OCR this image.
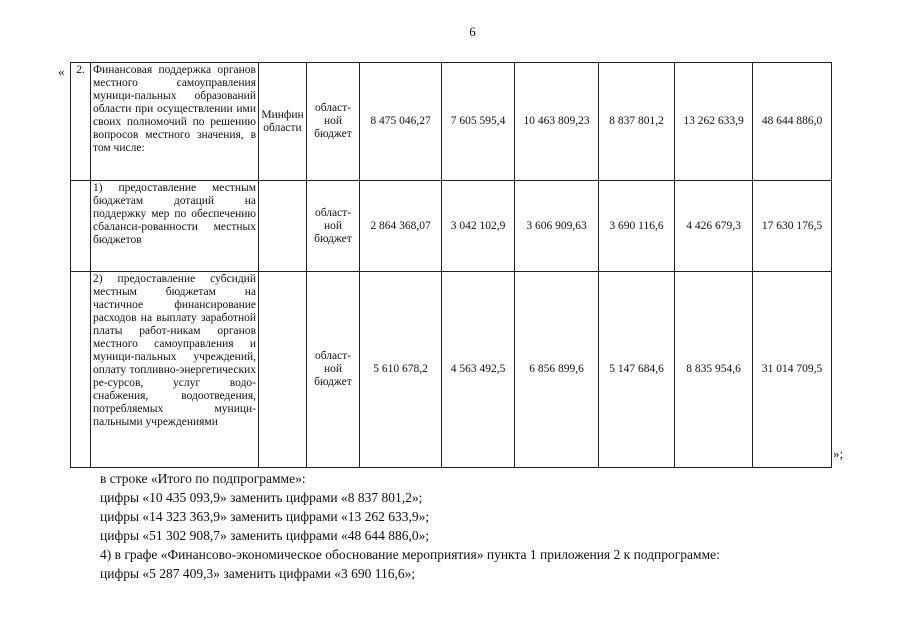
6
« 2.	Финансовая поддержка органов местного самоуправления муници-пальных образований области при осуществлении ими своих полномочий по решению вопросов местного значения, в том числе:	Минфин области	област-ной бюджет	8 475 046,27	7 605 595,4	10 463 809,23	8 837 801,2	13 262 633,9	48 644 886,0
	1) предоставление местным бюджетам дотаций на поддержку мер по обеспечению сбаланси-рованности местных бюджетов		област-ной бюджет	2 864 368,07	3 042 102,9	3 606 909,63	3 690 116,6	4 426 679,3	17 630 176,5
	2) предоставление субсидий местным бюджетам на частичное финансирование расходов на выплату заработной платы работ-никам органов местного самоуправления и муници-пальных учреждений, оплату топливно-энергетических ре-сурсов, услуг водо-снабжения, водоотведения, потребляемых муници-пальными учреждениями		област-ной бюджет	5 610 678,2	4 563 492,5	6 856 899,6	5 147 684,6	8 835 954,6	31 014 709,5
»;
в строке «Итого по подпрограмме»:
цифры «10 435 093,9» заменить цифрами «8 837 801,2»;
цифры «14 323 363,9» заменить цифрами «13 262 633,9»;
цифры «51 302 908,7» заменить цифрами «48 644 886,0»;
4) в графе «Финансово-экономическое обоснование мероприятия» пункта 1 приложения 2 к подпрограмме:
цифры «5 287 409,3» заменить цифрами «3 690 116,6»;
